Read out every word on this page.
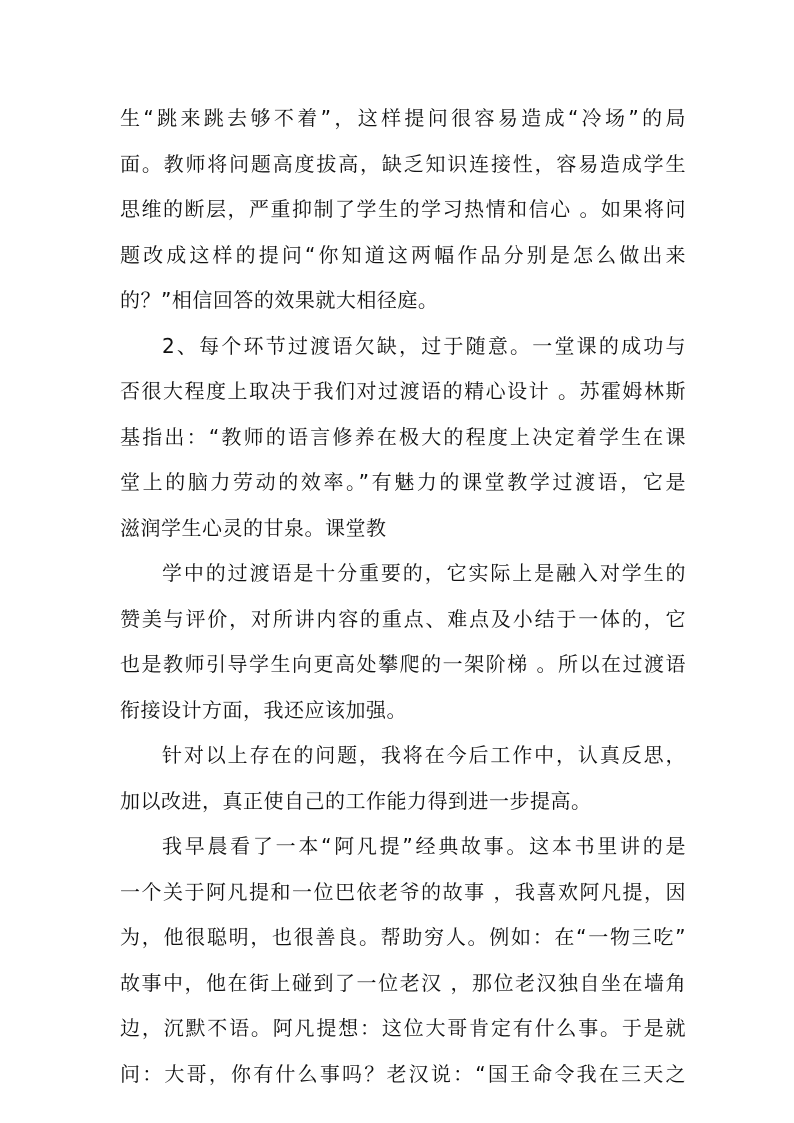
生“跳来跳去够不着”，这样提问很容易造成“冷场”的局
面。教师将问题高度拔高，缺乏知识连接性，容易造成学生
思维的断层，严重抑制了学生的学习热情和信心 。如果将问
题改成这样的提问“你知道这两幅作品分别是怎么做出来
的？”相信回答的效果就大相径庭。
2、每个环节过渡语欠缺，过于随意。一堂课的成功与
否很大程度上取决于我们对过渡语的精心设计 。苏霍姆林斯
基指出：“教师的语言修养在极大的程度上决定着学生在课
堂上的脑力劳动的效率。”有魅力的课堂教学过渡语，它是
滋润学生心灵的甘泉。课堂教
学中的过渡语是十分重要的，它实际上是融入对学生的
赞美与评价，对所讲内容的重点、难点及小结于一体的，它
也是教师引导学生向更高处攀爬的一架阶梯 。所以在过渡语
衔接设计方面，我还应该加强。
针对以上存在的问题，我将在今后工作中，认真反思，
加以改进，真正使自己的工作能力得到进一步提高。
我早晨看了一本“阿凡提”经典故事。这本书里讲的是
一个关于阿凡提和一位巴依老爷的故事 ，我喜欢阿凡提，因
为，他很聪明，也很善良。帮助穷人。例如：在“一物三吃”
故事中，他在街上碰到了一位老汉 ，那位老汉独自坐在墙角
边，沉默不语。阿凡提想：这位大哥肯定有什么事。于是就
问：大哥，你有什么事吗？老汉说：“国王命令我在三天之
